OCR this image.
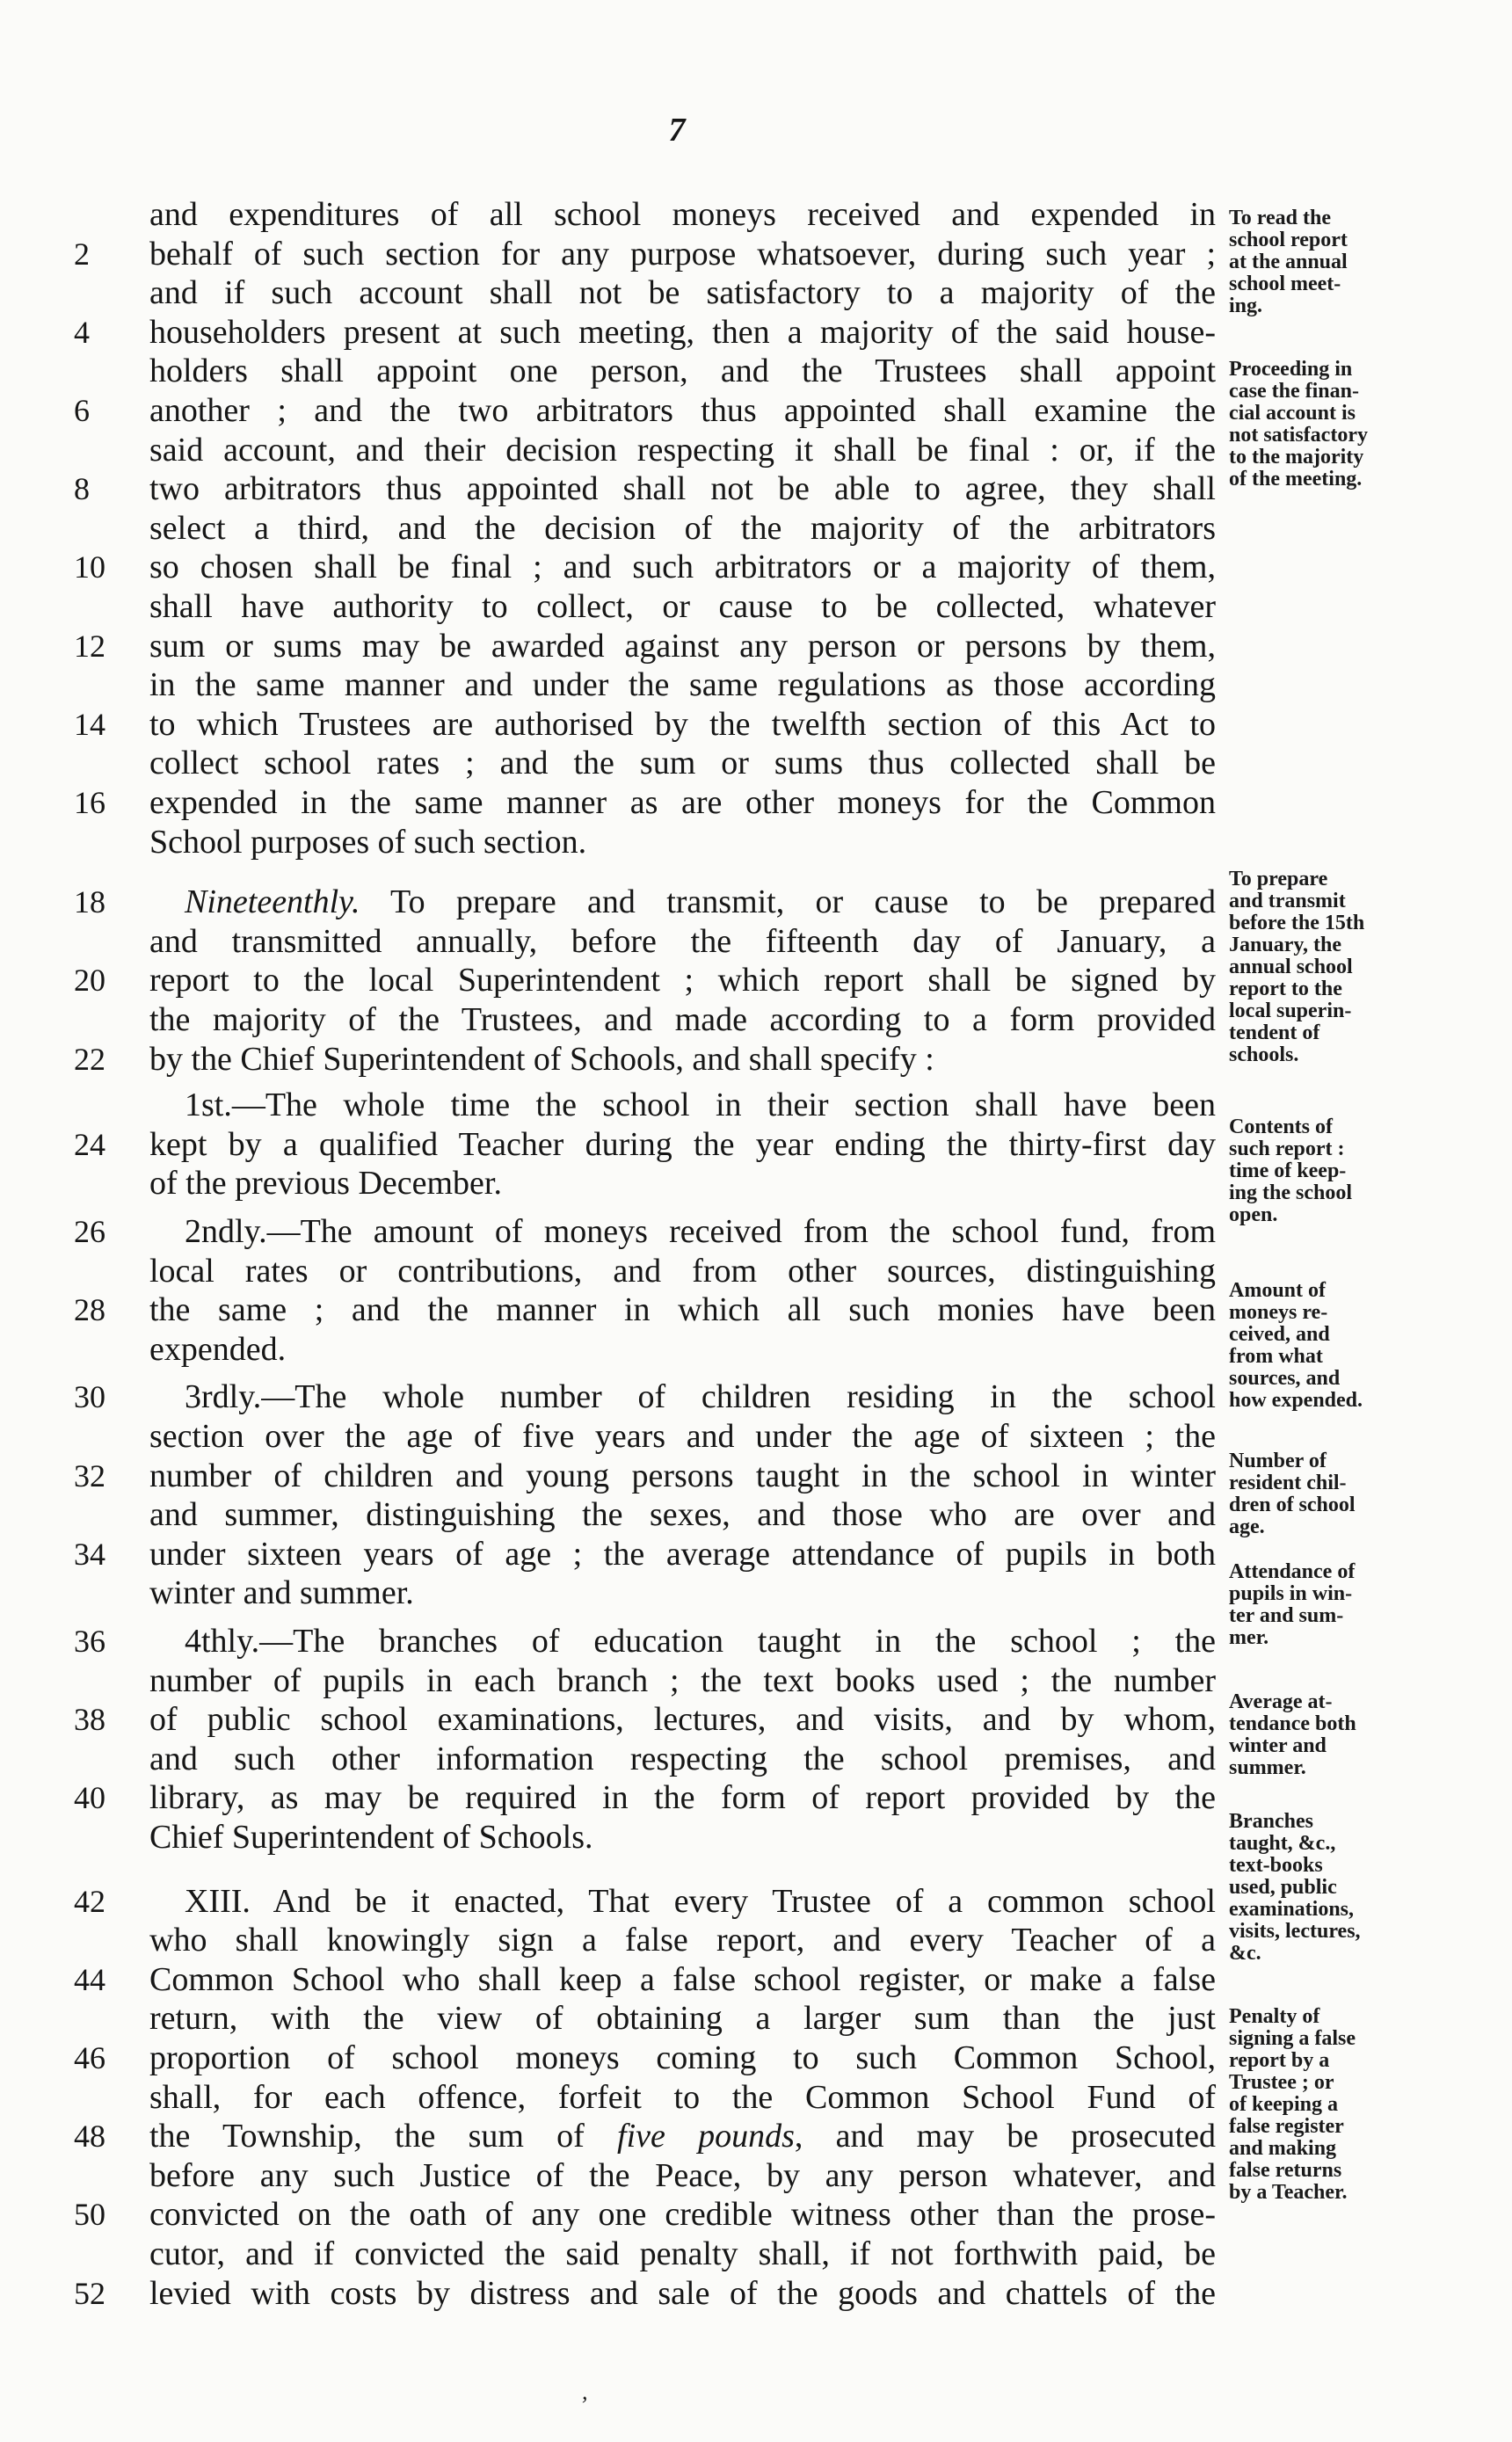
7
and expenditures of all school moneys received and expended in
2	behalf of such section for any purpose whatsoever, during such year ;
and if such account shall not be satisfactory to a majority of the
4	householders present at such meeting, then a majority of the said house-
holders shall appoint one person, and the Trustees shall appoint
6	another ; and the two arbitrators thus appointed shall examine the
said account, and their decision respecting it shall be final : or, if the
8	two arbitrators thus appointed shall not be able to agree, they shall
select a third, and the decision of the majority of the arbitrators
10	so chosen shall be final ; and such arbitrators or a majority of them,
shall have authority to collect, or cause to be collected, whatever
12	sum or sums may be awarded against any person or persons by them,
in the same manner and under the same regulations as those according
14	to which Trustees are authorised by the twelfth section of this Act to
collect school rates ; and the sum or sums thus collected shall be
16	expended in the same manner as are other moneys for the Common
School purposes of such section.
18	Nineteenthly. To prepare and transmit, or cause to be prepared
and transmitted annually, before the fifteenth day of January, a
20	report to the local Superintendent ; which report shall be signed by
the majority of the Trustees, and made according to a form provided
22	by the Chief Superintendent of Schools, and shall specify :
1st.—The whole time the school in their section shall have been
24	kept by a qualified Teacher during the year ending the thirty-first day
of the previous December.
26	2ndly.—The amount of moneys received from the school fund, from
local rates or contributions, and from other sources, distinguishing
28	the same ; and the manner in which all such monies have been
expended.
30	3rdly.—The whole number of children residing in the school
section over the age of five years and under the age of sixteen ; the
32	number of children and young persons taught in the school in winter
and summer, distinguishing the sexes, and those who are over and
34	under sixteen years of age ; the average attendance of pupils in both
winter and summer.
36	4thly.—The branches of education taught in the school ; the
number of pupils in each branch ; the text books used ; the number
38	of public school examinations, lectures, and visits, and by whom,
and such other information respecting the school premises, and
40	library, as may be required in the form of report provided by the
Chief Superintendent of Schools.
42	XIII. And be it enacted, That every Trustee of a common school
who shall knowingly sign a false report, and every Teacher of a
44	Common School who shall keep a false school register, or make a false
return, with the view of obtaining a larger sum than the just
46	proportion of school moneys coming to such Common School,
shall, for each offence, forfeit to the Common School Fund of
48	the Township, the sum of five pounds, and may be prosecuted
before any such Justice of the Peace, by any person whatever, and
50	convicted on the oath of any one credible witness other than the prose-
cutor, and if convicted the said penalty shall, if not forthwith paid, be
52	levied with costs by distress and sale of the goods and chattels of the
To read the
school report
at the annual
school meet-
ing.
Proceeding in
case the finan-
cial account is
not satisfactory
to the majority
of the meeting.
To prepare
and transmit
before the 15th
January, the
annual school
report to the
local superin-
tendent of
schools.
Contents of
such report :
time of keep-
ing the school
open.
Amount of
moneys re-
ceived, and
from what
sources, and
how expended.
Number of
resident chil-
dren of school
age.
Attendance of
pupils in win-
ter and sum-
mer.
Average at-
tendance both
winter and
summer.
Branches
taught, &c.,
text-books
used, public
examinations,
visits, lectures,
&c.
Penalty of
signing a false
report by a
Trustee ; or
of keeping a
false register
and making
false returns
by a Teacher.
,
